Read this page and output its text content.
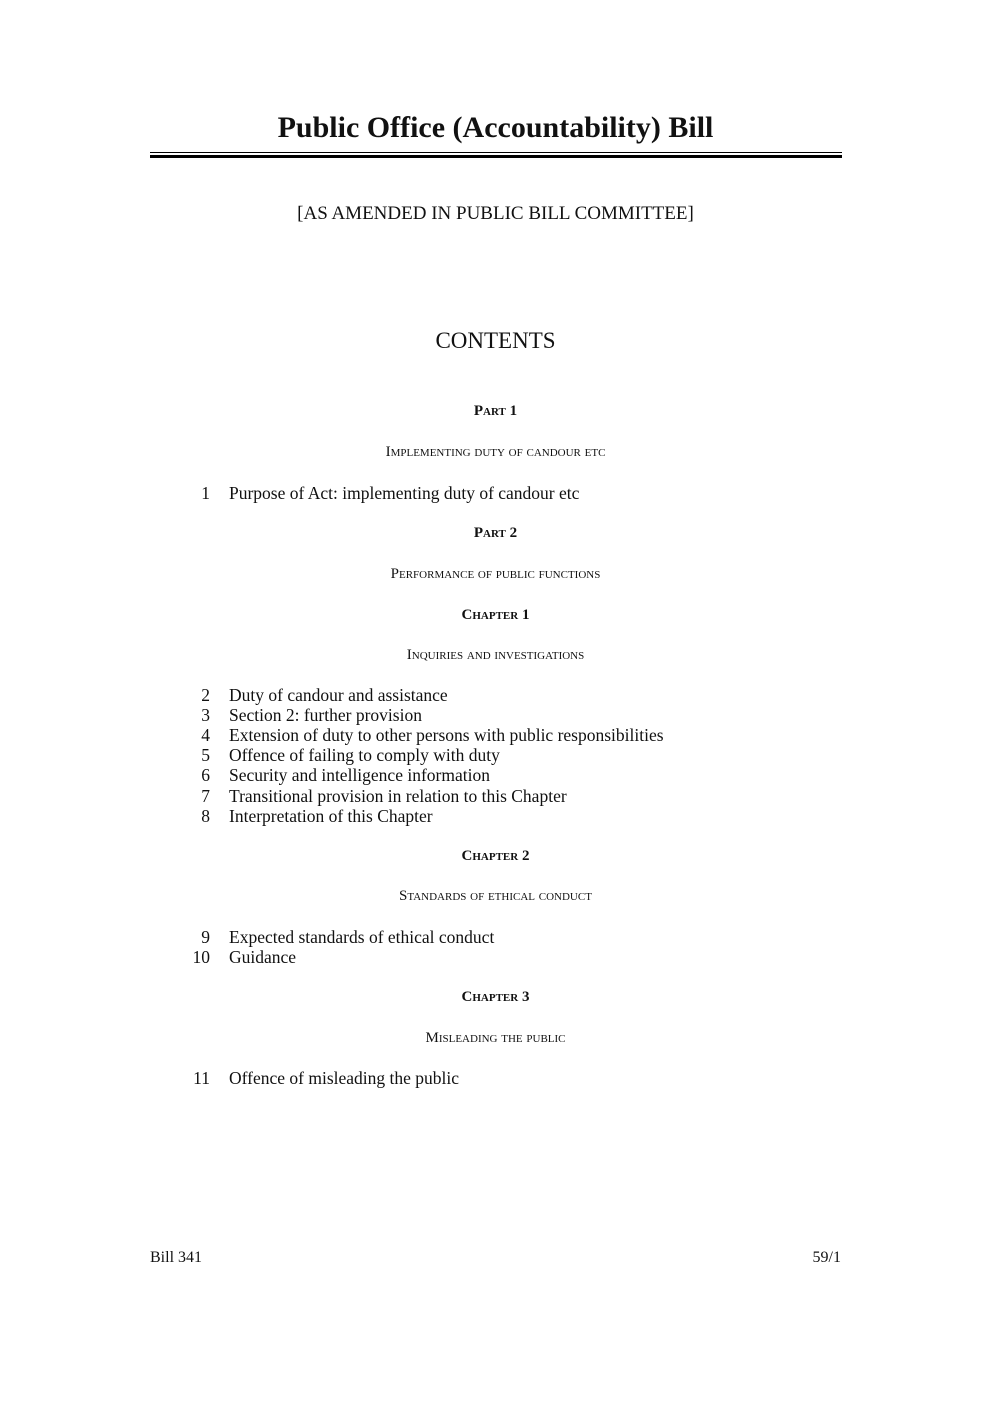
Public Office (Accountability) Bill
[AS AMENDED IN PUBLIC BILL COMMITTEE]
CONTENTS
Part 1
Implementing duty of candour etc
1 Purpose of Act: implementing duty of candour etc
Part 2
Performance of public functions
Chapter 1
Inquiries and investigations
2 Duty of candour and assistance
3 Section 2: further provision
4 Extension of duty to other persons with public responsibilities
5 Offence of failing to comply with duty
6 Security and intelligence information
7 Transitional provision in relation to this Chapter
8 Interpretation of this Chapter
Chapter 2
Standards of ethical conduct
9 Expected standards of ethical conduct
10 Guidance
Chapter 3
Misleading the public
11 Offence of misleading the public
Bill 341	59/1
